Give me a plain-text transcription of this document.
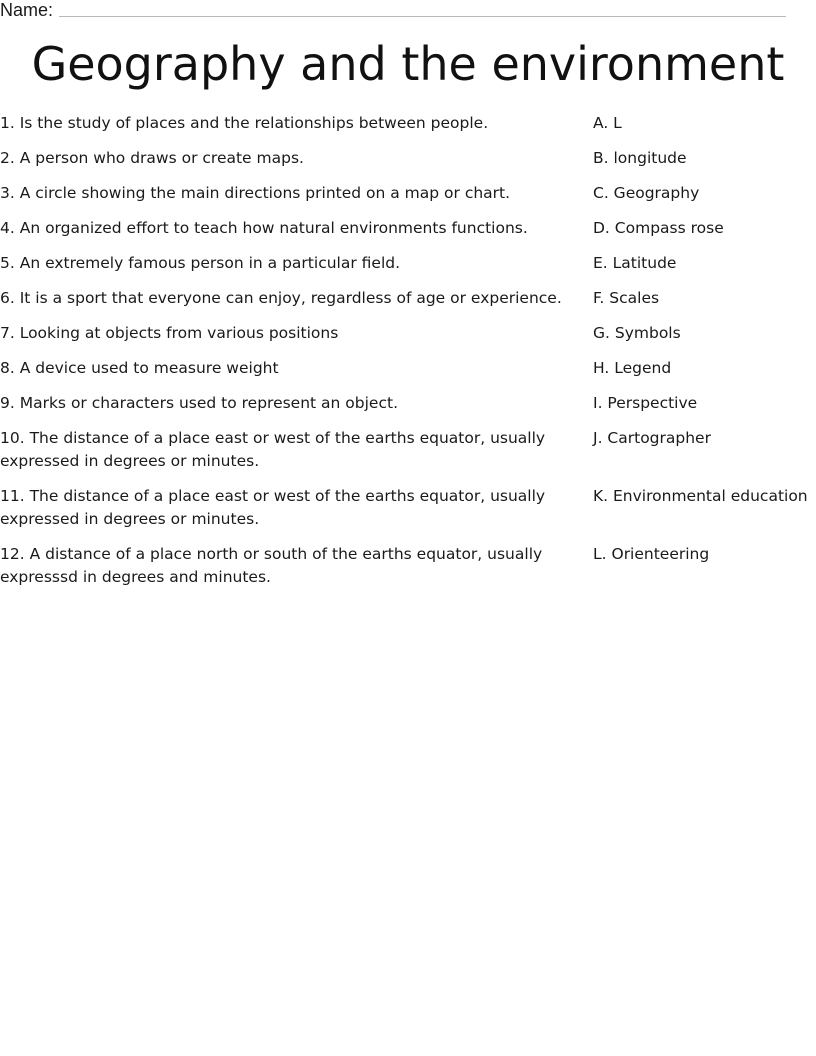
Name:
Geography and the environment
1. Is the study of places and the relationships between people.	A. L
2. A person who draws or create maps.	B. longitude
3. A circle showing the main directions printed on a map or chart.	C. Geography
4. An organized effort to teach how natural environments functions.	D. Compass rose
5. An extremely famous person in a particular field.	E. Latitude
6. It is a sport that everyone can enjoy, regardless of age or experience.	F. Scales
7. Looking at objects from various positions	G. Symbols
8. A device used to measure weight	H. Legend
9. Marks or characters used to represent an object.	I. Perspective
10. The distance of a place east or west of the earths equator, usually expressed in degrees or minutes.
J. Cartographer
11. The distance of a place east or west of the earths equator, usually expressed in degrees or minutes.
K. Environmental education
12. A distance of a place north or south of the earths equator, usually expresssd in degrees and minutes.
L. Orienteering
